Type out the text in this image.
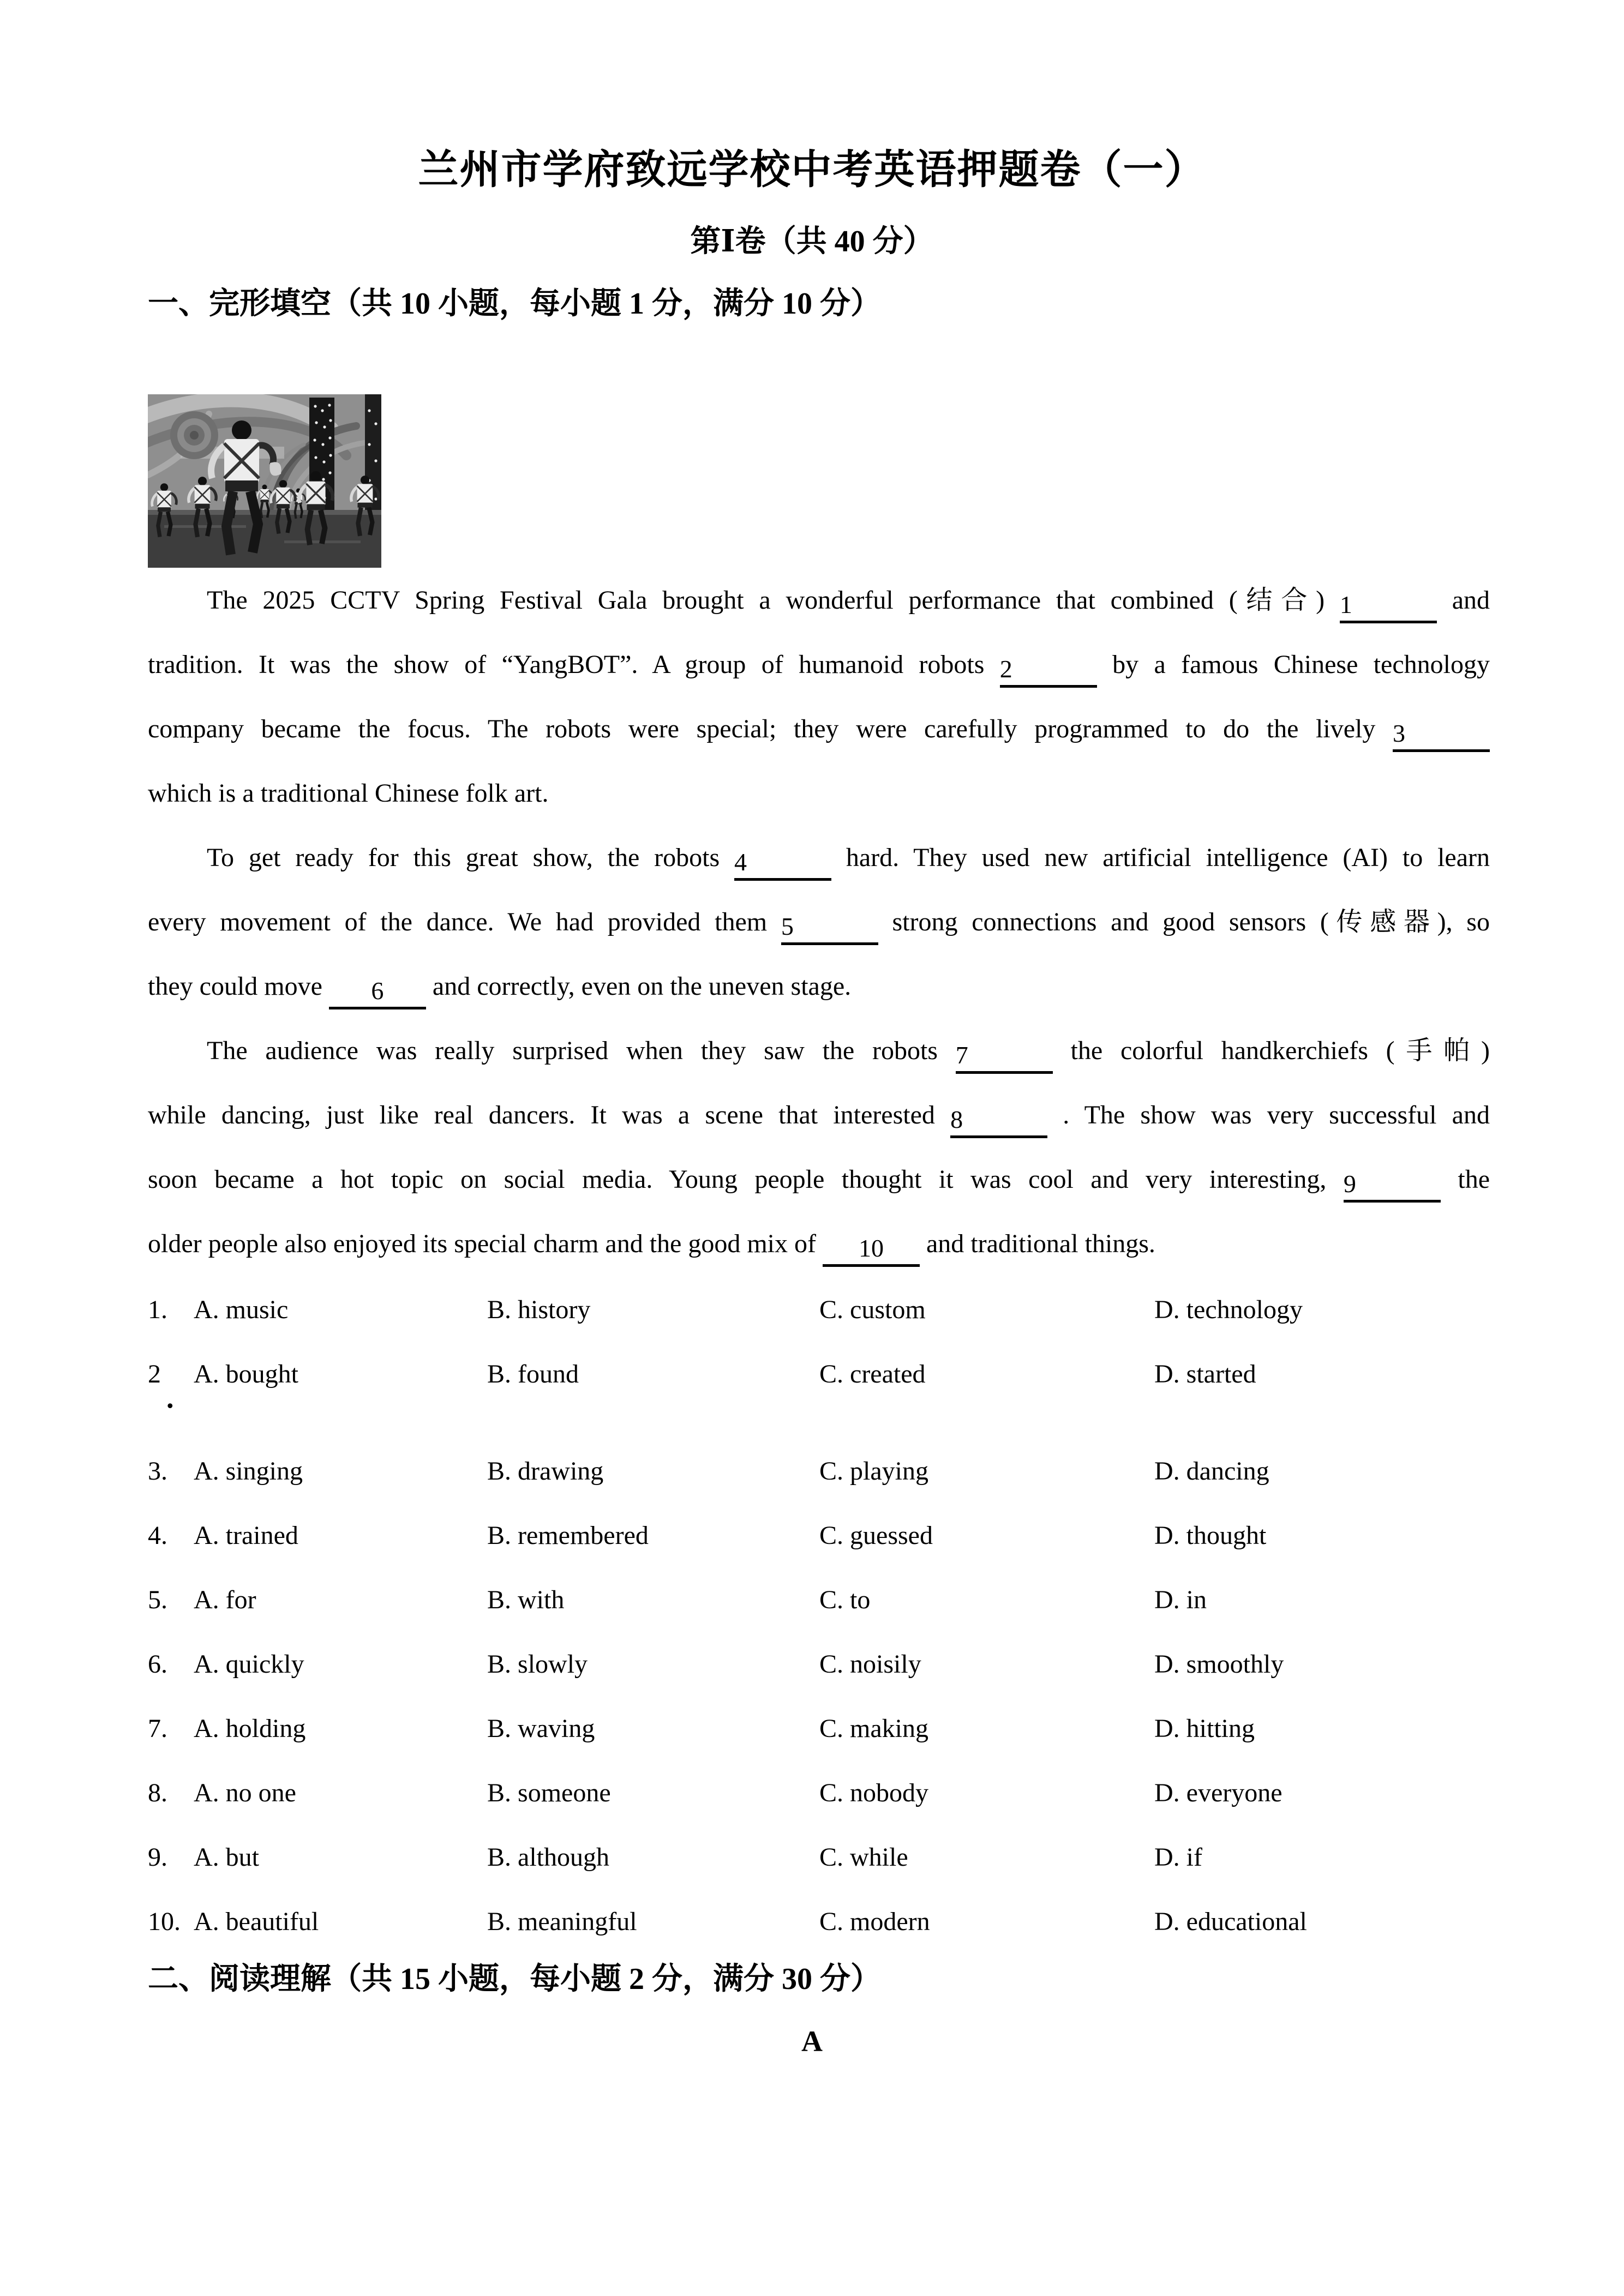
兰州市学府致远学校中考英语押题卷（一）
第Ⅰ卷（共 40 分）
一、完形填空（共 10 小题，每小题 1 分，满分 10 分）
The 2025 CCTV Spring Festival Gala brought a wonderful performance that combined (结合) 1	and
tradition. It was the show of “YangBOT”. A group of humanoid robots 2	by a famous Chinese technology
company became the focus. The robots were special; they were carefully programmed to do the lively 3
which is a traditional Chinese folk art.
To get ready for this great show, the robots 4	hard. They used new artificial intelligence (AI) to learn
every movement of the dance. We had provided them 5	strong connections and good sensors (传感器), so
they could move 6 and correctly, even on the uneven stage.
The audience was really surprised when they saw the robots 7	the colorful handkerchiefs (手帕)
while dancing, just like real dancers. It was a scene that interested 8	. The show was very successful and
soon became a hot topic on social media. Young people thought it was cool and very interesting, 9	the
older people also enjoyed its special charm and the good mix of 10 and traditional things.
1. A. music	B. history	C. custom	D. technology
2 A. bought	B. found	C. created	D. started
.
3. A. singing	B. drawing	C. playing	D. dancing
4. A. trained	B. remembered	C. guessed	D. thought
5. A. for	B. with	C. to	D. in
6. A. quickly	B. slowly	C. noisily	D. smoothly
7. A. holding	B. waving	C. making	D. hitting
8. A. no one	B. someone	C. nobody	D. everyone
9. A. but	B. although	C. while	D. if
10. A. beautiful	B. meaningful	C. modern	D. educational
二、阅读理解（共 15 小题，每小题 2 分，满分 30 分）
A
